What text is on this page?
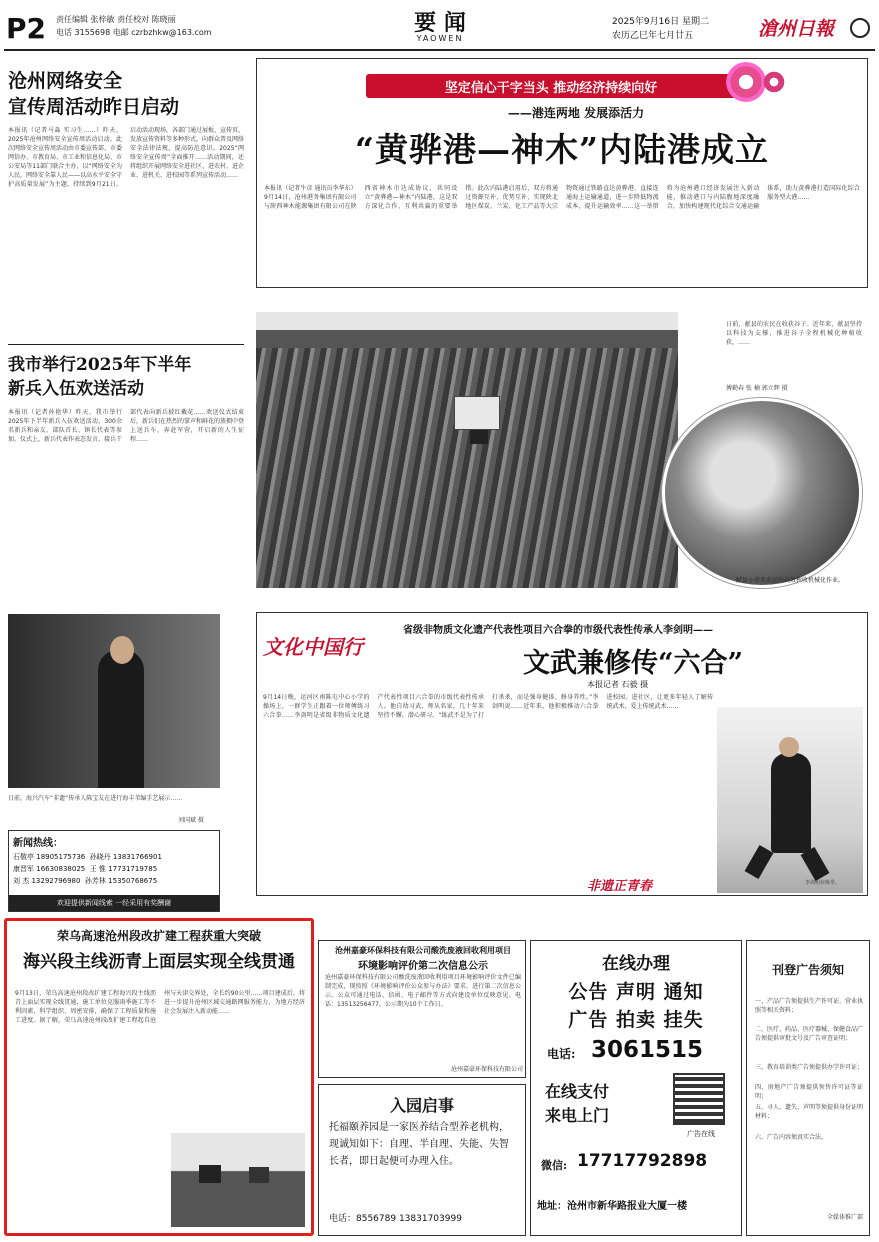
P2 责任编辑 张梓敏 责任校对 陈晓丽
电话 3155698 电邮 czrbzhkw@163.com	要 闻
YAOWEN
2025年9月16日 星期二
农历乙巳年七月廿五	滄州日報
沧州网络安全
宣传周活动昨日启动
本报讯（记者马淼 实习生……）昨天，2025年沧州网络安全宣传周活动启动。此次网络安全宣传周活动由市委宣传部、市委网信办、市教育局、市工业和信息化局、市公安局等11部门联合主办，以“网络安全为人民，网络安全靠人民——以高水平安全守护高质量发展”为主题，持续到9月21日。启动活动现场，各部门通过展板、宣传页、发放宣传资料等多种形式，向群众普及网络安全法律法规，提高防范意识。2025“网络安全宣传周”全面推开……活动期间，还将组织开展网络安全进社区、进农村、进企业、进机关、进校园等系列宣传活动……
我市举行2025年下半年
新兵入伍欢送活动
本报讯（记者孙艳华）昨天，我市举行2025年下半年新兵入伍欢送活动，300余名新兵和亲友、部队首长、镇长代表等参加。仪式上，新兵代表作表态发言，接兵干部代表向新兵披红戴花……欢送仪式结束后，新兵们在热烈的掌声和鲜花的簇拥中登上送兵车，奔赴军营，开启新的人生征程……
日前，海兴汽车“非遗”传承人陈宝友在进行海丰苇编手艺展示……
刘国斌 摄
新闻热线：
石敬亭 18905175736 孙晓丹 13831766901
康晋军 16630838025 王 惟 17731719785
刘 杰 13292796980 孙芳林 15350768675
欢迎提供新闻线索 一经采用有奖酬谢
坚定信心干字当头 推动经济持续向好
——港连两地 发展添活力
“黄骅港—神木”内陆港成立
本报讯（记者牛彦 通讯员李华东）9月14日，沧州港务集团有限公司与陕西神木能源集团有限公司在陕西省神木市达成协议，共同设立“黄骅港—神木”内陆港，这是双方深化合作、互利共赢的重要举措。此次内陆港启用后，双方将通过资源互补、优势互补，实现陕北地区煤炭、兰炭、化工产品等大宗物资通过铁路直达黄骅港，直接连通海上运输通道，进一步降低物流成本，提升运输效率……这一举措将为沧州港口经济发展注入新动能，推动港口与内陆腹地深度融合，加快构建现代化综合交通运输体系，助力黄骅港打造国际化综合服务型大港……
日前，献县的农民在收获谷子。近年来，献县坚持以科技为支撑，推进谷子全程机械化种植收获，……
傅勤春 张 楠 郭立辉 摄
献县小营乡农民的高效秋收机械化作业。
文化中国行
省级非物质文化遗产代表性项目六合拳的市级代表性传承人李剑明——
文武兼修传“六合”
本报记者 石毅 摄
9月14日晚，运河区南陈屯中心小学的操场上，一群学生正跟着一位师傅练习六合拳……李剑明是省级非物质文化遗产代表性项目六合拳的市级代表性传承人。他自幼习武，师从名家，几十年来坚持不懈，潜心研习。“练武不是为了打打杀杀，而是强身健体、修身养性。”李剑明说……近年来，他积极推动六合拳进校园、进社区，让更多年轻人了解传统武术、爱上传统武术……
非遗正青春	李剑明在练拳。
荣乌高速沧州段改扩建工程获重大突破
海兴段主线沥青上面层实现全线贯通
9月13日，荣乌高速沧州段改扩建工程海兴段主线沥青上面层实现全线贯通，施工单位克服雨季施工等不利因素，科学组织、周密安排，确保了工程质量和施工进度。据了解，荣乌高速沧州段改扩建工程起自沧州与天津交界处，全长约90公里……项目建成后，将进一步提升沧州区域交通路网服务能力，为地方经济社会发展注入新动能……
沧州嘉豪环保科技有限公司酸洗废液回收利用项目
环境影响评价第二次信息公示
沧州嘉豪环保科技有限公司酸洗废液回收利用项目环境影响评价文件已编制完成，现按照《环境影响评价公众参与办法》要求，进行第二次信息公示。公众可通过电话、信函、电子邮件等方式向建设单位反映意见。电话：13513256477。公示期为10个工作日。
沧州嘉豪环保科技有限公司
入园启事
托福颐养园是一家医养结合型养老机构，现诚知如下：自理、半自理、失能、失智长者，即日起便可办理入住。
电话：8556789 13831703999
在线办理
公告 声明 通知
广告 拍卖 挂失
电话: 3061515
在线支付
来电上门
广告在线
微信: 17717792898
地址：沧州市新华路报业大厦一楼
刊登广告须知
一、产品广告须提供生产许可证、营业执照等相关资料；
二、医疗、药品、医疗器械、保健食品广告须提供审批文号及广告审查证明；
三、教育培训类广告须提供办学许可证；
四、房地产广告须提供预售许可证等证明；
五、寻人、遗失、声明等须提供身份证明材料；
六、广告内容须真实合法。
全媒体推广部
